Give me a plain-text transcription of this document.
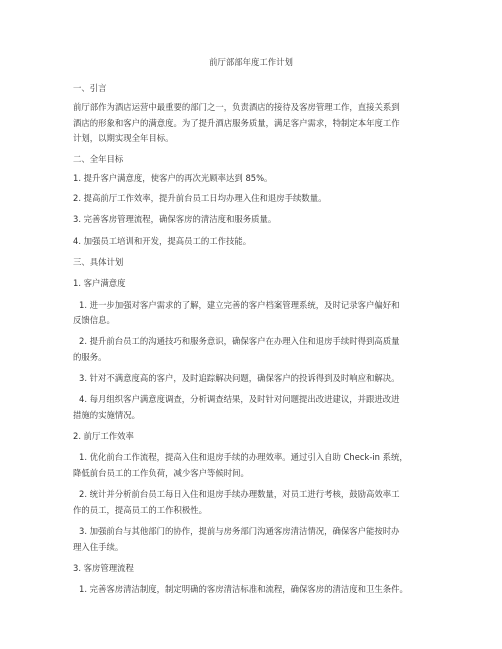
前厅部部年度工作计划
一、引言
前厅部作为酒店运营中最重要的部门之一，负责酒店的接待及客房管理工作，直接关系到
酒店的形象和客户的满意度。为了提升酒店服务质量，满足客户需求，特制定本年度工作
计划，以期实现全年目标。
二、全年目标
1. 提升客户满意度，使客户的再次光顾率达到 85%。
2. 提高前厅工作效率，提升前台员工日均办理入住和退房手续数量。
3. 完善客房管理流程，确保客房的清洁度和服务质量。
4. 加强员工培训和开发，提高员工的工作技能。
三、具体计划
1. 客户满意度
1. 进一步加强对客户需求的了解，建立完善的客户档案管理系统，及时记录客户偏好和
反馈信息。
2. 提升前台员工的沟通技巧和服务意识，确保客户在办理入住和退房手续时得到高质量
的服务。
3. 针对不满意度高的客户，及时追踪解决问题，确保客户的投诉得到及时响应和解决。
4. 每月组织客户满意度调查，分析调查结果，及时针对问题提出改进建议，并跟进改进
措施的实施情况。
2. 前厅工作效率
1. 优化前台工作流程，提高入住和退房手续的办理效率。通过引入自助 Check-in 系统，
降低前台员工的工作负荷，减少客户等候时间。
2. 统计并分析前台员工每日入住和退房手续办理数量，对员工进行考核，鼓励高效率工
作的员工，提高员工的工作积极性。
3. 加强前台与其他部门的协作，提前与房务部门沟通客房清洁情况，确保客户能按时办
理入住手续。
3. 客房管理流程
1. 完善客房清洁制度，制定明确的客房清洁标准和流程，确保客房的清洁度和卫生条件。
